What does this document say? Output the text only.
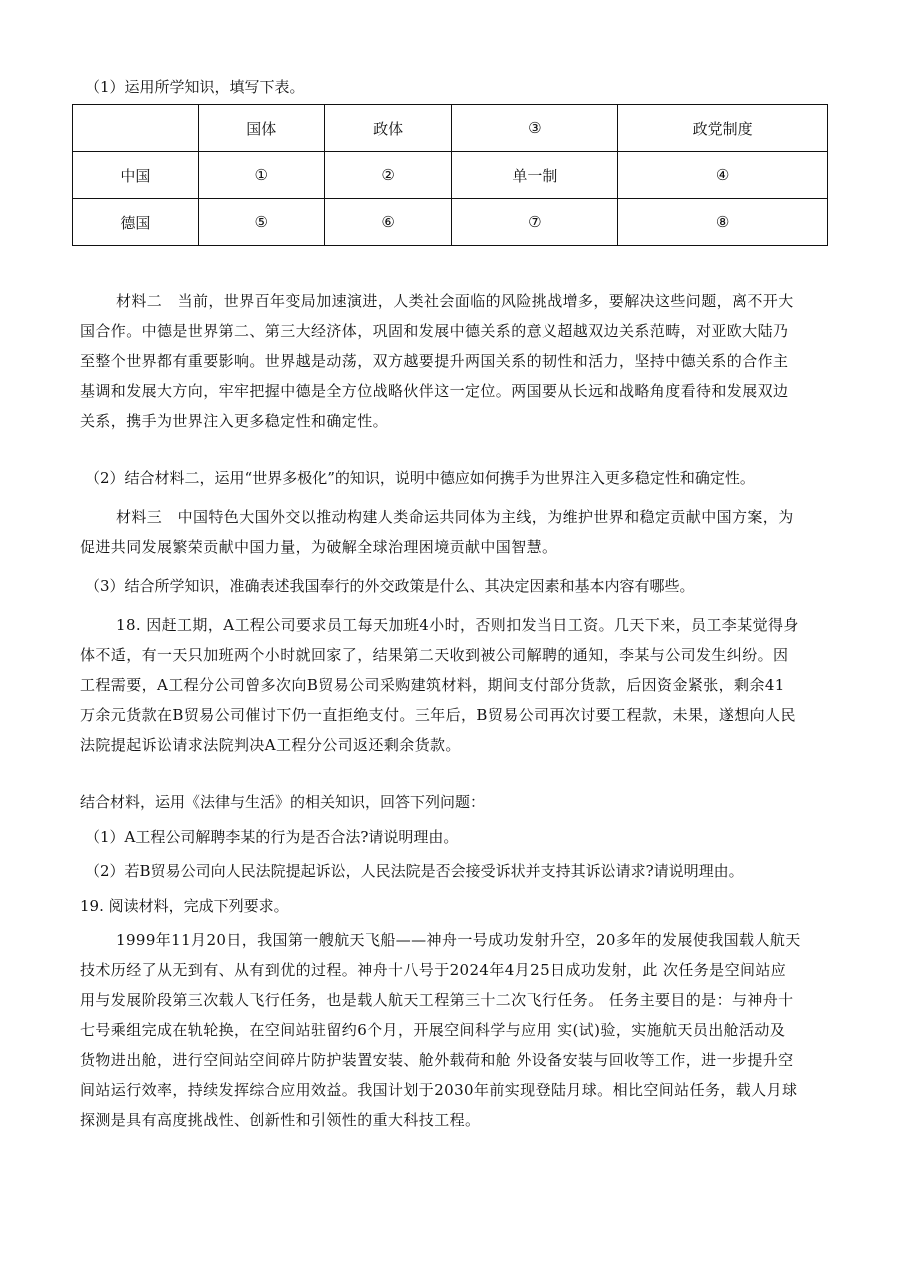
（1）运用所学知识，填写下表。
	国体	政体	③	政党制度
中国	①	②	单一制	④
德国	⑤	⑥	⑦	⑧
材料二　当前，世界百年变局加速演进，人类社会面临的风险挑战增多，要解决这些问题，离不开大
国合作。中德是世界第二、第三大经济体，巩固和发展中德关系的意义超越双边关系范畴，对亚欧大陆乃
至整个世界都有重要影响。世界越是动荡，双方越要提升两国关系的韧性和活力，坚持中德关系的合作主
基调和发展大方向，牢牢把握中德是全方位战略伙伴这一定位。两国要从长远和战略角度看待和发展双边
关系，携手为世界注入更多稳定性和确定性。
（2）结合材料二，运用“世界多极化”的知识，说明中德应如何携手为世界注入更多稳定性和确定性。
材料三　中国特色大国外交以推动构建人类命运共同体为主线，为维护世界和稳定贡献中国方案，为
促进共同发展繁荣贡献中国力量，为破解全球治理困境贡献中国智慧。
（3）结合所学知识，准确表述我国奉行的外交政策是什么、其决定因素和基本内容有哪些。
18. 因赶工期，A工程公司要求员工每天加班4小时，否则扣发当日工资。几天下来，员工李某觉得身
体不适，有一天只加班两个小时就回家了，结果第二天收到被公司解聘的通知，李某与公司发生纠纷。因
工程需要，A工程分公司曾多次向B贸易公司采购建筑材料，期间支付部分货款，后因资金紧张，剩余41
万余元货款在B贸易公司催讨下仍一直拒绝支付。三年后，B贸易公司再次讨要工程款，未果，遂想向人民
法院提起诉讼请求法院判决A工程分公司返还剩余货款。
结合材料，运用《法律与生活》的相关知识，回答下列问题：
（1）A工程公司解聘李某的行为是否合法?请说明理由。
（2）若B贸易公司向人民法院提起诉讼，人民法院是否会接受诉状并支持其诉讼请求?请说明理由。
19. 阅读材料，完成下列要求。
1999年11月20日，我国第一艘航天飞船——神舟一号成功发射升空，20多年的发展使我国载人航天
技术历经了从无到有、从有到优的过程。神舟十八号于2024年4月25日成功发射，此 次任务是空间站应
用与发展阶段第三次载人飞行任务，也是载人航天工程第三十二次飞行任务。 任务主要目的是：与神舟十
七号乘组完成在轨轮换，在空间站驻留约6个月，开展空间科学与应用 实(试)验，实施航天员出舱活动及
货物进出舱，进行空间站空间碎片防护装置安装、舱外载荷和舱 外设备安装与回收等工作，进一步提升空
间站运行效率，持续发挥综合应用效益。我国计划于2030年前实现登陆月球。相比空间站任务，载人月球
探测是具有高度挑战性、创新性和引领性的重大科技工程。
